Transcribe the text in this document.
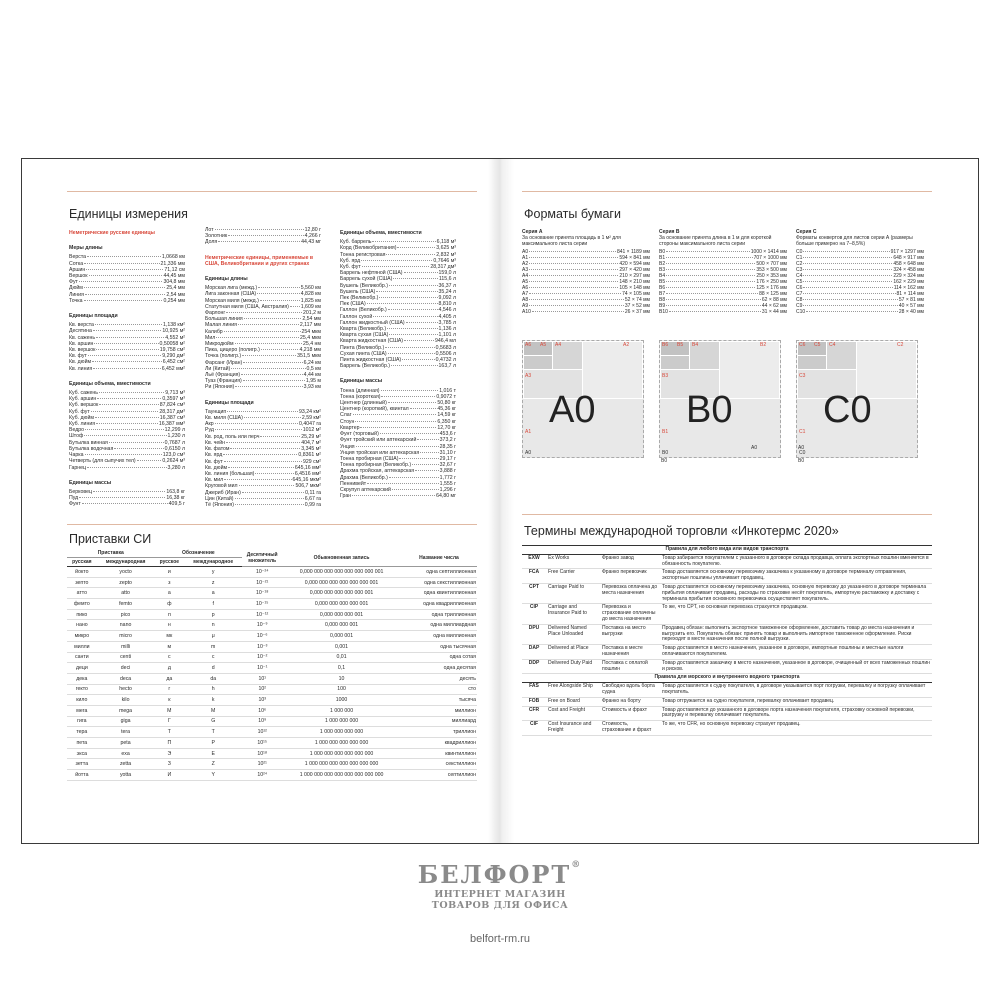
Единицы измерения
Неметрические русские единицы
Меры длины
Верста	1,0668 км
Сотка	21,336 мм
Аршин	71,12 см
Вершок	44,45 мм
Фут	304,8 мм
Дюйм	25,4 мм
Линия	2,54 мм
Точка	0,254 мм
Единицы площади
Кв. верста	1,138 км²
Десятина	10,925 м²
Кв. сажень	4,552 м²
Кв. аршин	0,50058 м²
Кв. вершок	19,758 см²
Кв. фут	9,290 дм²
Кв. дюйм	6,452 см²
Кв. линия	6,452 мм²
Единицы объема, вместимости
Куб. сажень	9,713 м³
Куб. аршин	0,3597 м³
Куб. вершок	87,824 см³
Куб. фут	28,317 дм³
Куб. дюйм	16,387 см³
Куб. линия	16,387 мм³
Ведро	12,299 л
Штоф	1,230 л
Бутылка винная	0,7687 л
Бутылка водочная	0,6150 л
Чарка	123,0 см³
Четверть (для сыпучих тел)	0,2624 м³
Гарнец	3,280 л
Единицы массы
Берковец	163,8 кг
Пуд	16,38 кг
Фунт	409,5 г
Лот	12,80 г
Золотник	4,266 г
Доля	44,43 мг
Неметрические единицы, применяемые в США, Великобритании и других странах
Единицы длины
Морская лига (межд.)	5,560 км
Лига законная (США)	4,828 км
Морская миля (межд.)	1,825 км
Статутная миля (США, Австралия) 1,609 км
Фарлонг	201,2 м
Большая линия	2,54 мм
Малая линия	2,117 мм
Калибр	254 мкм
Мил	25,4 мкм
Микродюйм	25,4 нм
Пика, цицеро (полигр.)	4,218 мм
Точка (полигр.)	351,5 мкм
Фарсанг (Иран)	6,24 км
Ли (Китай)	0,5 км
Льё (Франция)	4,44 км
Туаз (Франция)	1,95 м
Ри (Япония)	3,93 км
Единицы площади
Таунщип	93,24 км²
Кв. миля (США)	2,59 км²
Акр	0,4047 га
Руд	1012 м²
Кв. род, поль или перч	25,29 м²
Кв. чейн	404,7 м²
Кв. фатом	3,345 м²
Кв. ярд	0,8361 м²
Кв. фут	929 см²
Кв. дюйм	645,16 мм²
Кв. линия (большая)	6,4516 мм²
Кв. мил	645,16 мкм²
Круговой мил	506,7 мкм²
Джериб (Иран)	0,11 га
Цин (Китай)	6,67 га
Тё (Япония)	0,99 га
Единицы объема, вместимости
Куб. баррель	6,118 м³
Корд (Великобритания)	3,625 м³
Тонна регистровая	2,832 м³
Куб. ярд	0,7646 м³
Куб. фут	28,317 дм³
Баррель нефтяной (США)	159,0 л
Баррель сухой (США)	115,6 л
Бушель (Великобр.)	36,37 л
Бушель (США)	35,24 л
Пек (Великобр.)	9,092 л
Пек (США)	8,810 л
Галлон (Великобр.)	4,546 л
Галлон сухой	4,405 л
Галлон жидкостный (США)	3,785 л
Кварта (Великобр.)	1,136 л
Кварта сухая (США)	1,101 л
Кварта жидкостная (США)	946,4 мл
Пинта (Великобр.)	0,5683 л
Сухая пинта (США)	0,5506 л
Пинта жидкостная (США)	0,4732 л
Баррель (Великобр.)	163,7 л
Единицы массы
Тонна (длинная)	1,016 т
Тонна (короткая)	0,9072 т
Центнер (длинный)	50,80 кг
Центнер (короткий), квинтал	45,36 кг
Слаг	14,59 кг
Стоун	6,350 кг
Квартер	12,70 кг
Фунт (торговый)	453,6 г
Фунт тройский или аптекарский	373,2 г
Унция	28,35 г
Унция тройская или аптекарская	31,10 г
Тонна пробирная (США)	29,17 г
Тонна пробирная (Великобр.)	32,67 г
Драхма тройская, аптекарская	3,888 г
Драхма (Великобр.)	1,772 г
Пеннивейт	1,555 г
Скрупул аптекарский	1,296 г
Гран	64,80 мг
Приставки СИ
Приставка		Обозначение		Десятичный множитель	Обыкновенная запись	Название числа
русская	международная	русское	международное			
йокто	yocto	и	y	10⁻²⁴	0,000 000 000 000 000 000 000 001	одна септиллионная
зепто	zepto	з	z	10⁻²¹	0,000 000 000 000 000 000 001	одна секстиллионная
атто	atto	а	a	10⁻¹⁸	0,000 000 000 000 000 001	одна квинтиллионная
фемто	femto	ф	f	10⁻¹⁵	0,000 000 000 000 001	одна квадриллионная
пико	pico	п	p	10⁻¹²	0,000 000 000 001	одна триллионная
нано	nano	н	n	10⁻⁹	0,000 000 001	одна миллиардная
микро	micro	мк	μ	10⁻⁶	0,000 001	одна миллионная
милли	milli	м	m	10⁻³	0,001	одна тысячная
санти	centi	с	c	10⁻²	0,01	одна сотая
деци	deci	д	d	10⁻¹	0,1	одна десятая
дека	deca	да	da	10¹	10	десять
гекто	hecto	г	h	10²	100	сто
кило	kilo	к	k	10³	1000	тысяча
мега	mega	М	M	10⁶	1 000 000	миллион
гига	giga	Г	G	10⁹	1 000 000 000	миллиард
тера	tera	Т	T	10¹²	1 000 000 000 000	триллион
пета	peta	П	P	10¹⁵	1 000 000 000 000 000	квадриллион
экса	exa	Э	E	10¹⁸	1 000 000 000 000 000 000	квинтиллион
зетта	zetta	З	Z	10²¹	1 000 000 000 000 000 000 000	секстиллион
йотта	yotta	И	Y	10²⁴	1 000 000 000 000 000 000 000 000	септиллион
Форматы бумаги
Серия A
За основание принята площадь в 1 м² для максимального листа серии
A0	841 × 1189 мм
A1	594 × 841 мм
A2	420 × 594 мм
A3	297 × 420 мм
A4	210 × 297 мм
A5	148 × 210 мм
A6	105 × 148 мм
A7	74 × 105 мм
A8	52 × 74 мм
A9	37 × 52 мм
A10	26 × 37 мм
A6 A5 A4	A2
A3
A1
A0
A0
Серия B
За основание принята длина в 1 м для короткой стороны максимального листа серии
B0	1000 × 1414 мм
B1	707 × 1000 мм
B2	500 × 707 мм
B3	353 × 500 мм
B4	250 × 353 мм
B5	176 × 250 мм
B6	125 × 176 мм
B7	88 × 125 мм
B8	62 × 88 мм
B9	44 × 62 мм
B10	31 × 44 мм
B6 B5 B4	B2
B3
B1
B0
B0
Серия C
Форматы конвертов для листов серии А (размеры больше примерно на 7–8,5%)
C0	917 × 1297 мм
C1	648 × 917 мм
C2	458 × 648 мм
C3	324 × 458 мм
C4	229 × 324 мм
C5	162 × 229 мм
C6	114 × 162 мм
C7	81 × 114 мм
C8	57 × 81 мм
C9	40 × 57 мм
C10	28 × 40 мм
C6 C5 C4	C2
C3
C1
C0
C0
A0
B0
A0
B0
Термины международной торговли «Инкотермс 2020»
Правила для любого вида или видов транспорта			
EXW	Ex Works	Франко завод	Товар забирается покупателем с указанного в договоре склада продавца, оплата экспортных пошлин вменяется в обязанность покупателю.
FCA	Free Carrier	Франко перевозчик	Товар доставляется основному перевозчику заказчика к указанному в договоре терминалу отправления, экспортные пошлины уплачивает продавец.
CPT	Carriage Paid to	Перевозка оплачена до места назначения	Товар доставляется основному перевозчику заказчика, основную перевозку до указанного в договоре терминала прибытия оплачивает продавец, расходы по страховке несёт покупатель, импортную растаможку и доставку с терминала прибытия основного перевозчика осуществляет покупатель.
CIP	Carriage and Insurance Paid to	Перевозка и страхование оплачены до места назначения	То же, что CPT, но основная перевозка страхуется продавцом.
DPU	Delivered Named Place Unloaded	Поставка на место выгрузки	Продавец обязан: выполнить экспортное таможенное оформление, доставить товар до места назначения и выгрузить его. Покупатель обязан: принять товар и выполнить импортное таможенное оформление. Риски переходят в месте назначения после полной выгрузки.
DAP	Delivered at Place	Поставка в месте назначения	Товар доставляется в место назначения, указанное в договоре, импортные пошлины и местные налоги оплачиваются покупателем.
DDP	Delivered Duty Paid	Поставка с оплатой пошлин	Товар доставляется заказчику в место назначения, указанное в договоре, очищенный от всех таможенных пошлин и рисков.
Правила для морского и внутреннего водного транспорта			
FAS	Free Alongside Ship	Свободно вдоль борта судна	Товар доставляется к судну покупателя, в договоре указывается порт погрузки, перевалку и погрузку оплачивает покупатель.
FOB	Free on Board	Франко на борту	Товар отгружается на судно покупателя, перевалку оплачивает продавец.
CFR	Cost and Freight	Стоимость и фрахт	Товар доставляется до указанного в договоре порта назначения покупателя, страховку основной перевозки, разгрузку и перевалку оплачивает покупатель.
CIF	Cost Insurance and Freight	Стоимость, страхование и фрахт	То же, что CFR, но основную перевозку страхует продавец.
БЕЛФОРТ®
ИНТЕРНЕТ МАГАЗИН
ТОВАРОВ ДЛЯ ОФИСА
belfort-rm.ru
